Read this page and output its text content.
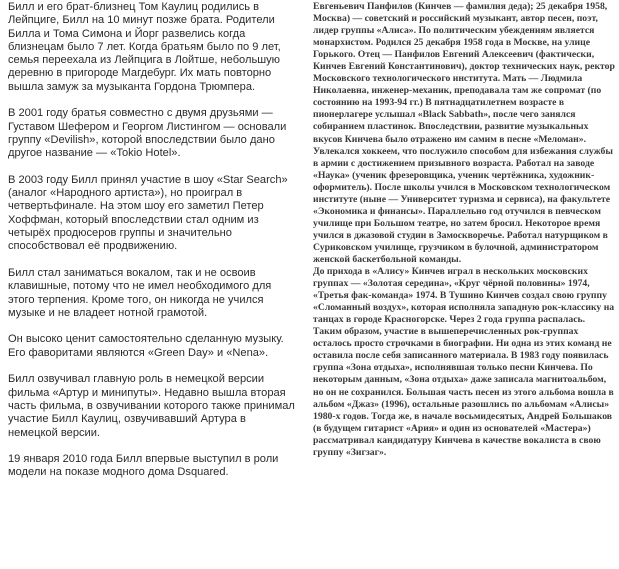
Билл и его брат-близнец Том Каулиц родились в Лейпциге, Билл на 10 минут позже брата. Родители Билла и Тома Симона и Йорг развелись когда близнецам было 7 лет. Когда братьям было по 9 лет, семья переехала из Лейпцига в Лойтше, небольшую деревню в пригороде Магдебург. Их мать повторно вышла замуж за музыканта Гордона Трюмпера.

В 2001 году братья совместно с двумя друзьями — Густавом Шефером и Георгом Листингом — основали группу «Devilish», которой впоследствии было дано другое название — «Tokio Hotel».

В 2003 году Билл принял участие в шоу «Star Search» (аналог «Народного артиста»), но проиграл в четвертьфинале. На этом шоу его заметил Петер Хоффман, который впоследствии стал одним из четырёх продюсеров группы и значительно способствовал её продвижению.

Билл стал заниматься вокалом, так и не освоив клавишные, потому что не имел необходимого для этого терпения. Кроме того, он никогда не учился музыке и не владеет нотной грамотой.

Он высоко ценит самостоятельно сделанную музыку. Его фаворитами являются «Green Day» и «Nena».

Билл озвучивал главную роль в немецкой версии фильма «Артур и минипуты». Недавно вышла вторая часть фильма, в озвучивании которого также принимал участие Билл Каулиц, озвучивавший Артура в немецкой версии.

19 января 2010 года Билл впервые выступил в роли модели на показе модного дома Dsquared.

Евгеньевич Панфилов (Кинчев — фамилия деда); 25 декабря 1958, Москва) — советский и российский музыкант, автор песен, поэт, лидер группы «Алиса». По политическим убеждениям является монархистом. Родился 25 декабря 1958 года в Москве, на улице Горького. Отец — Панфилов Евгений Алексеевич (фактически, Кинчев Евгений Константинович), доктор технических наук, ректор Московского технологического института. Мать — Людмила Николаевна, инженер-механик, преподавала там же сопромат (по состоянию на 1993-94 гг.) В пятнадцатилетнем возрасте в пионерлагере услышал «Black Sabbath», после чего занялся собиранием пластинок. Впоследствии, развитие музыкальных вкусов Кинчева было отражено им самим в песне «Меломан». Увлекался хоккеем, что послужило способом для избежания службы в армии с достижением призывного возраста. Работал на заводе «Наука» (ученик фрезеровщика, ученик чертёжника, художник-оформитель). После школы учился в Московском технологическом институте (ныне — Университет туризма и сервиса), на факультете «Экономика и финансы». Параллельно год отучился в певческом училище при Большом театре, но затем бросил. Некоторое время учился в джазовой студии в Замоскворечье. Работал натурщиком в Суриковском училище, грузчиком в булочной, администратором женской баскетбольной команды.

До прихода в «Алису» Кинчев играл в нескольких московских группах — «Золотая середина», «Круг чёрной половины» 1974, «Третья фак-команда» 1974. В Тушино Кинчев создал свою группу «Сломанный воздух», которая исполняла западную рок-классику на танцах в городе Красногорске. Через 2 года группа распалась. Таким образом, участие в вышеперечисленных рок-группах осталось просто строчками в биографии. Ни одна из этих команд не оставила после себя записанного материала. В 1983 году появилась группа «Зона отдыха», исполнявшая только песни Кинчева. По некоторым данным, «Зона отдыха» даже записала магнитоальбом, но он не сохранился. Большая часть песен из этого альбома вошла в альбом «Джаз» (1996), остальные разошлись по альбомам «Алисы» 1980-х годов. Тогда же, в начале восьмидесятых, Андрей Большаков (в будущем гитарист «Ария» и один из основателей «Мастера») рассматривал кандидатуру Кинчева в качестве вокалиста в свою группу «Зигзаг».
